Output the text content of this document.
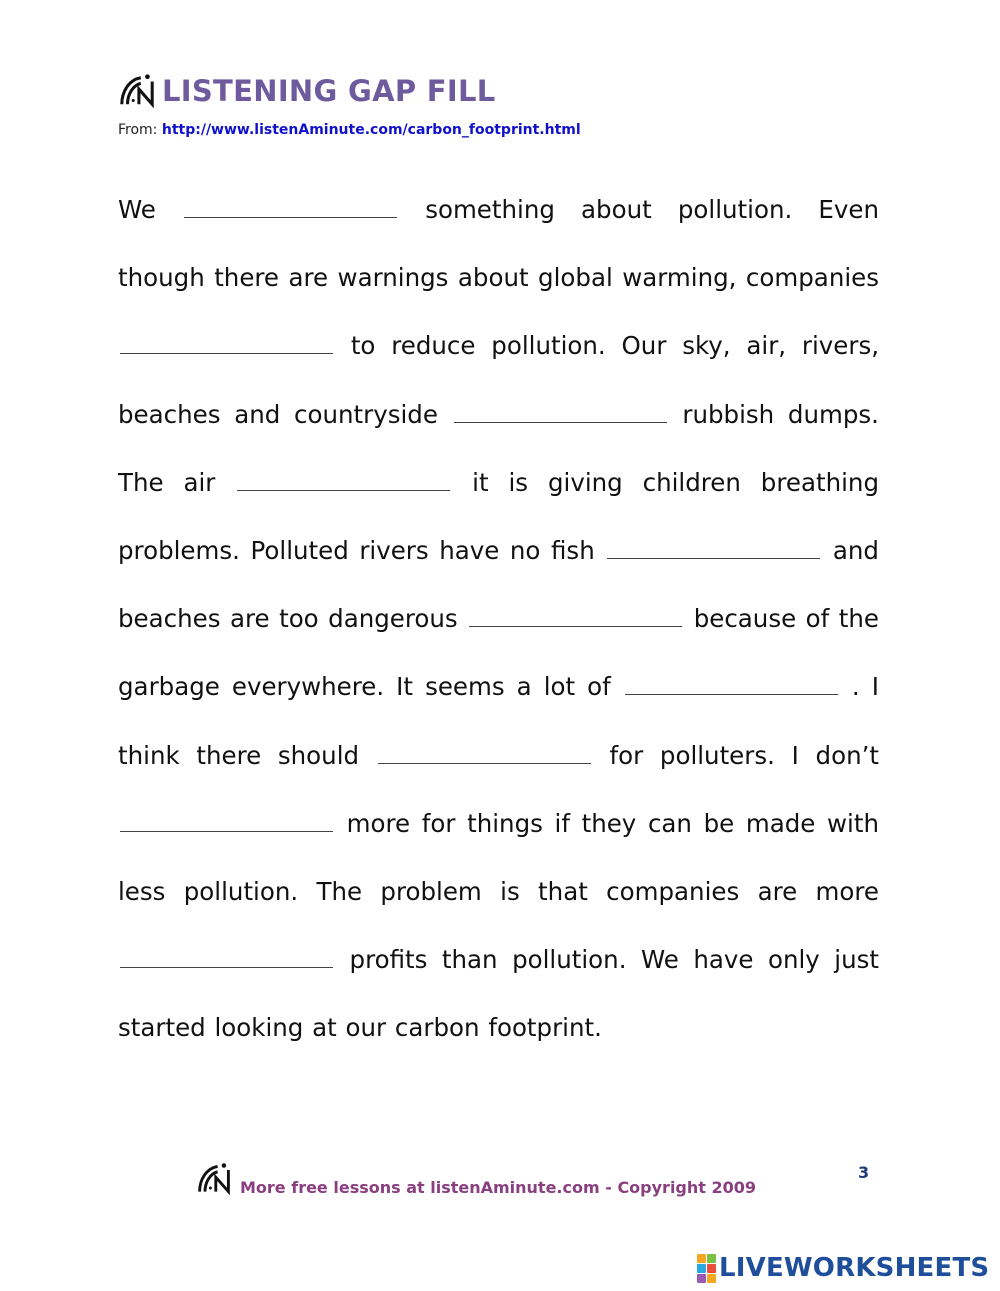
LISTENING GAP FILL
From: http://www.listenAminute.com/carbon_footprint.html
We	something about pollution. Even though there are warnings about global warming, companies  to reduce pollution. Our sky, air, rivers, beaches and countryside	rubbish dumps. The air	it is giving children breathing problems. Polluted rivers have no fish	and beaches are too dangerous	because of the garbage everywhere. It seems a lot of	. I think there should	for polluters. I don’t  more for things if they can be made with less pollution. The problem is that companies are more  profits than pollution. We have only just started looking at our carbon footprint.
More free lessons at listenAminute.com - Copyright 2009
3
LIVEWORKSHEETS
